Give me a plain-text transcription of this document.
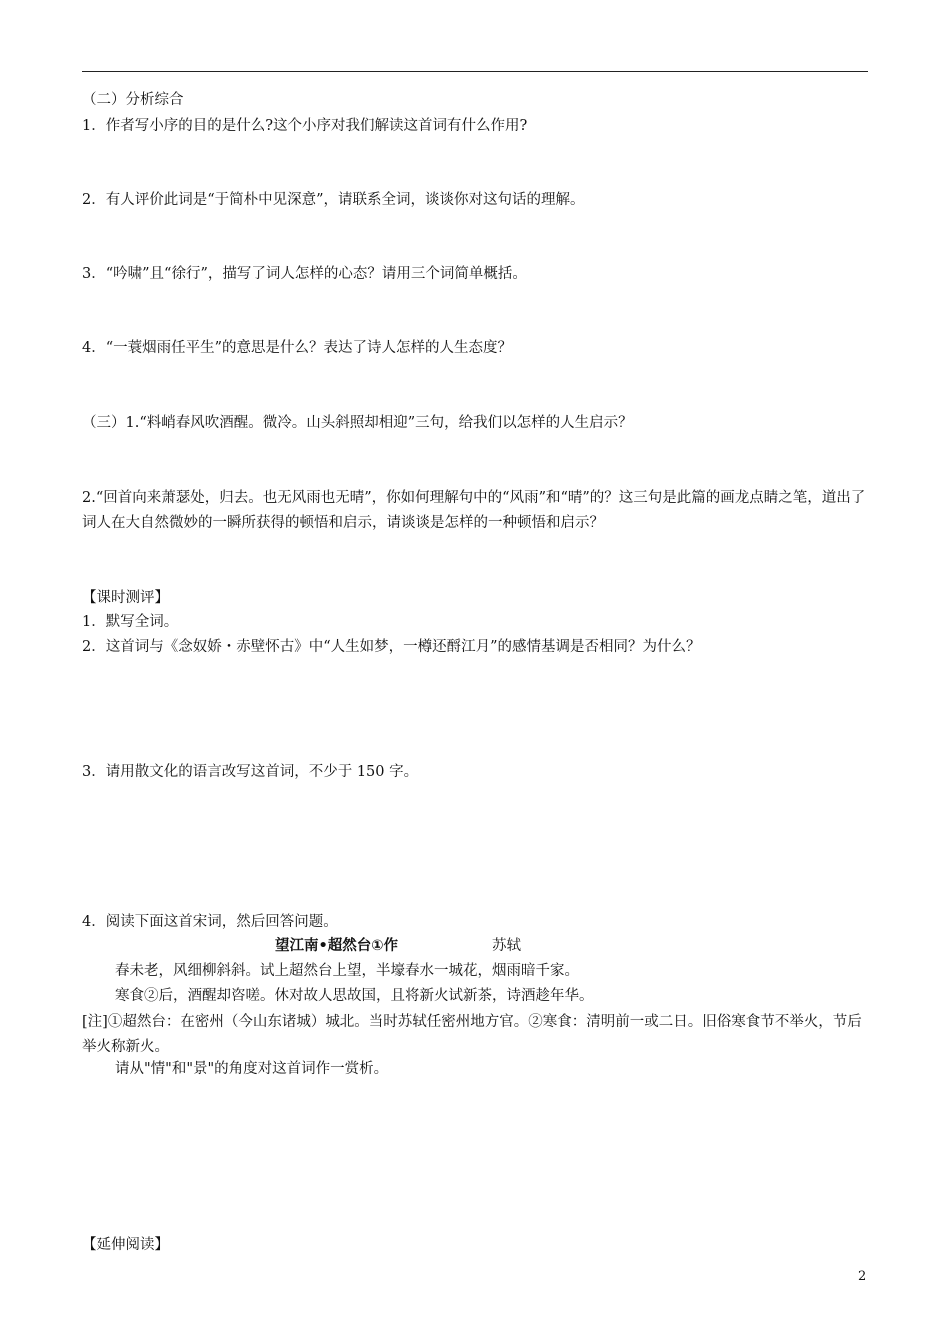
（二）分析综合
1．作者写小序的目的是什么?这个小序对我们解读这首词有什么作用?
2．有人评价此词是“于简朴中见深意”，请联系全词，谈谈你对这句话的理解。
3．“吟啸”且“徐行”，描写了词人怎样的心态？请用三个词简单概括。
4．“一蓑烟雨任平生”的意思是什么？表达了诗人怎样的人生态度？
（三）1.“料峭春风吹酒醒。微冷。山头斜照却相迎”三句，给我们以怎样的人生启示？
2.“回首向来萧瑟处，归去。也无风雨也无晴”，你如何理解句中的“风雨”和“晴”的？这三句是此篇的画龙点睛之笔，道出了词人在大自然微妙的一瞬所获得的顿悟和启示，请谈谈是怎样的一种顿悟和启示？
【课时测评】
1．默写全词。
2．这首词与《念奴娇・赤壁怀古》中“人生如梦，一樽还酹江月”的感情基调是否相同？为什么？
3．请用散文化的语言改写这首词，不少于 150 字。
4．阅读下面这首宋词，然后回答问题。
望江南•超然台①作	苏轼
春未老，风细柳斜斜。试上超然台上望，半壕春水一城花，烟雨暗千家。
寒食②后，酒醒却咨嗟。休对故人思故国，且将新火试新茶，诗酒趁年华。
[注]①超然台：在密州（今山东诸城）城北。当时苏轼任密州地方官。②寒食：清明前一或二日。旧俗寒食节不举火，节后举火称新火。
请从"情"和"景"的角度对这首词作一赏析。
【延伸阅读】
2
